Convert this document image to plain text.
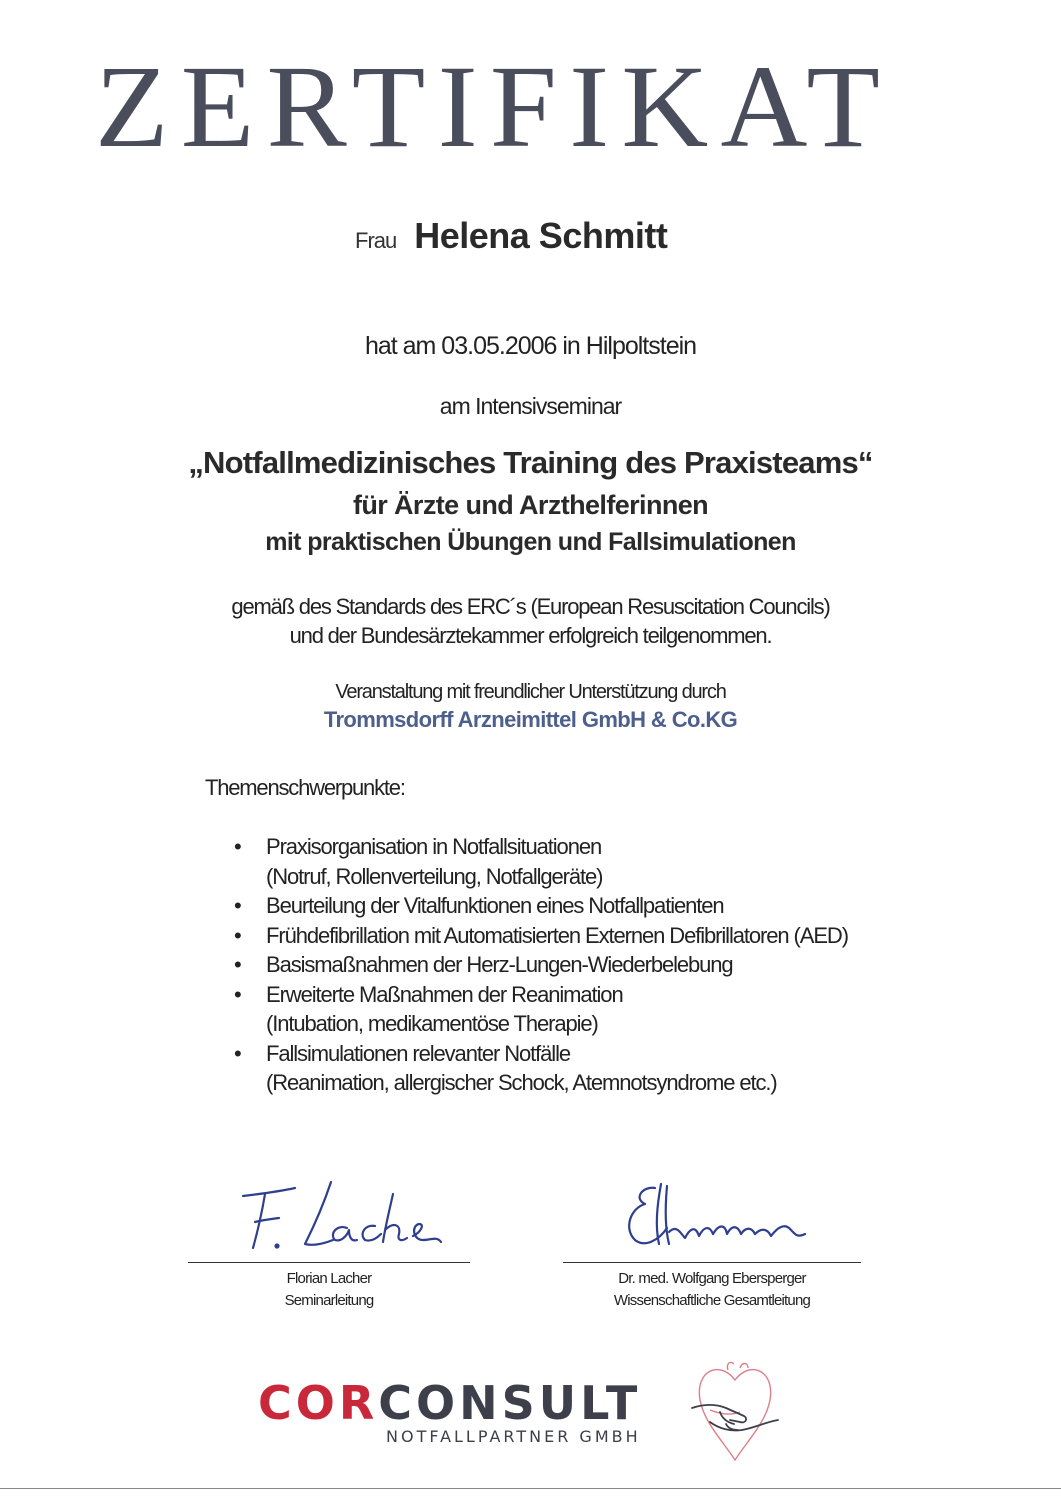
ZERTIFIKAT
Frau Helena Schmitt
hat am 03.05.2006 in Hilpoltstein
am Intensivseminar
„Notfallmedizinisches Training des Praxisteams“
für Ärzte und Arzthelferinnen
mit praktischen Übungen und Fallsimulationen
gemäß des Standards des ERC´s (European Resuscitation Councils)
und der Bundesärztekammer erfolgreich teilgenommen.
Veranstaltung mit freundlicher Unterstützung durch
Trommsdorff Arzneimittel GmbH & Co.KG
Themenschwerpunkte:
• Praxisorganisation in Notfallsituationen
(Notruf, Rollenverteilung, Notfallgeräte)
• Beurteilung der Vitalfunktionen eines Notfallpatienten
• Frühdefibrillation mit Automatisierten Externen Defibrillatoren (AED)
• Basismaßnahmen der Herz-Lungen-Wiederbelebung
• Erweiterte Maßnahmen der Reanimation
(Intubation, medikamentöse Therapie)
• Fallsimulationen relevanter Notfälle
(Reanimation, allergischer Schock, Atemnotsyndrome etc.)
Florian Lacher
Seminarleitung
Dr. med. Wolfgang Ebersperger
Wissenschaftliche Gesamtleitung
CORCONSULT
NOTFALLPARTNER GMBH
